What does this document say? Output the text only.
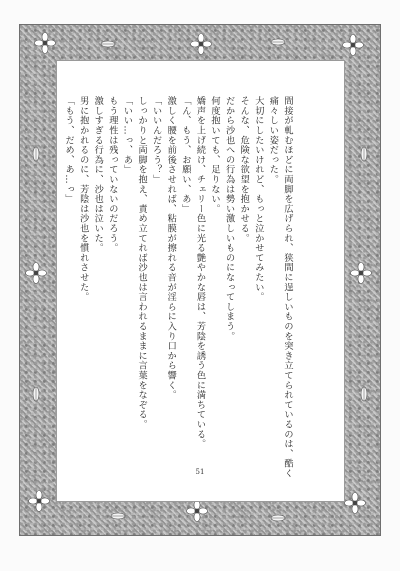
間接が軋むほどに両脚を広げられ、狭間に逞しいものを突き立てられているのは、酷く
痛々しい姿だった。
大切にしたいけれど、もっと泣かせてみたい。
そんな、危険な欲望を抱かせる。
だから沙也への行為は勢い激しいものになってしまう。
何度抱いても、足りない。
嬌声を上げ続け、チェリー色に光る艶やかな唇は、芳陰を誘う色に満ちている。
「ん、もう、お願い、あ」
激しく腰を前後させれば、粘膜が擦れる音が淫らに入り口から響く。
「いいんだろう？」
しっかりと両脚を抱え、責め立てれば沙也は言われるままに言葉をなぞる。
「いい…っ、あ」
もう理性は残っていないのだろう。
激しすぎる行為に、沙也は泣いた。
男に抱かれるのに、芳陰は沙也を慣れさせた。
「もう、だめ、あ…っ」
51
